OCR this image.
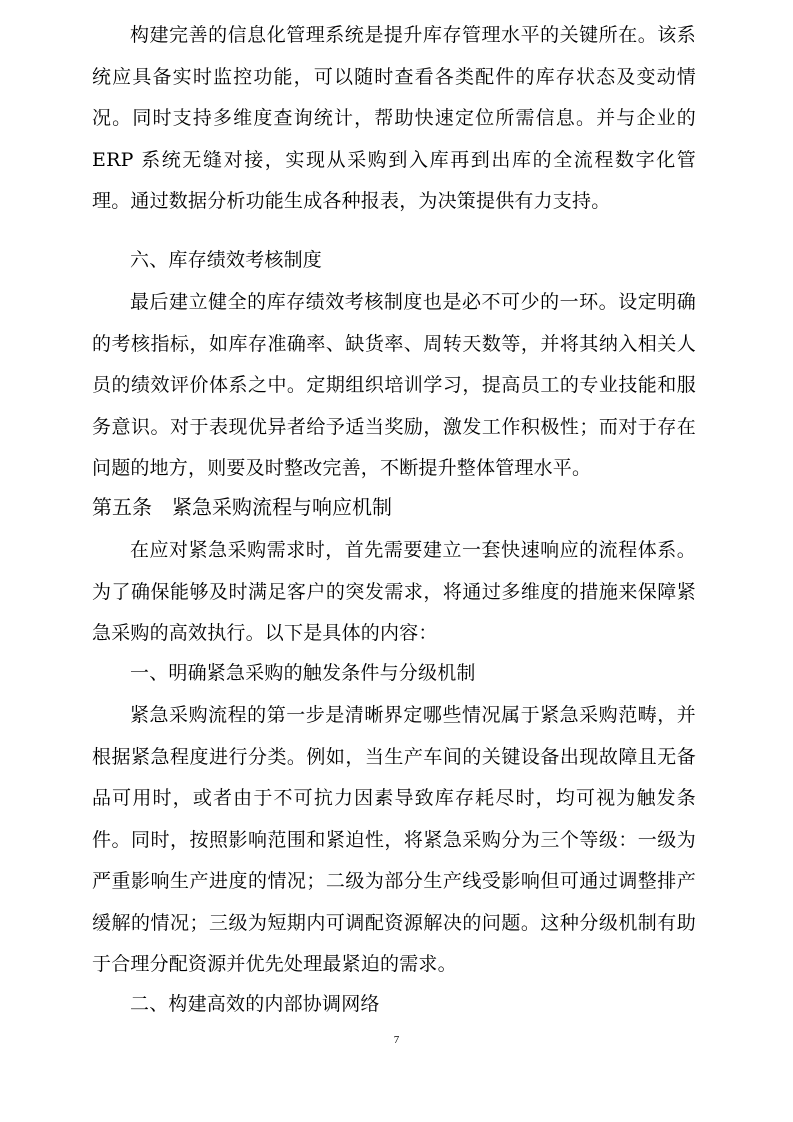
构建完善的信息化管理系统是提升库存管理水平的关键所在。该系统应具备实时监控功能，可以随时查看各类配件的库存状态及变动情况。同时支持多维度查询统计，帮助快速定位所需信息。并与企业的 ERP 系统无缝对接，实现从采购到入库再到出库的全流程数字化管理。通过数据分析功能生成各种报表，为决策提供有力支持。

六、库存绩效考核制度

最后建立健全的库存绩效考核制度也是必不可少的一环。设定明确的考核指标，如库存准确率、缺货率、周转天数等，并将其纳入相关人员的绩效评价体系之中。定期组织培训学习，提高员工的专业技能和服务意识。对于表现优异者给予适当奖励，激发工作积极性；而对于存在问题的地方，则要及时整改完善，不断提升整体管理水平。

第五条　紧急采购流程与响应机制

在应对紧急采购需求时，首先需要建立一套快速响应的流程体系。为了确保能够及时满足客户的突发需求，将通过多维度的措施来保障紧急采购的高效执行。以下是具体的内容：

一、明确紧急采购的触发条件与分级机制

紧急采购流程的第一步是清晰界定哪些情况属于紧急采购范畴，并根据紧急程度进行分类。例如，当生产车间的关键设备出现故障且无备品可用时，或者由于不可抗力因素导致库存耗尽时，均可视为触发条件。同时，按照影响范围和紧迫性，将紧急采购分为三个等级：一级为严重影响生产进度的情况；二级为部分生产线受影响但可通过调整排产缓解的情况；三级为短期内可调配资源解决的问题。这种分级机制有助于合理分配资源并优先处理最紧迫的需求。

二、构建高效的内部协调网络

7
